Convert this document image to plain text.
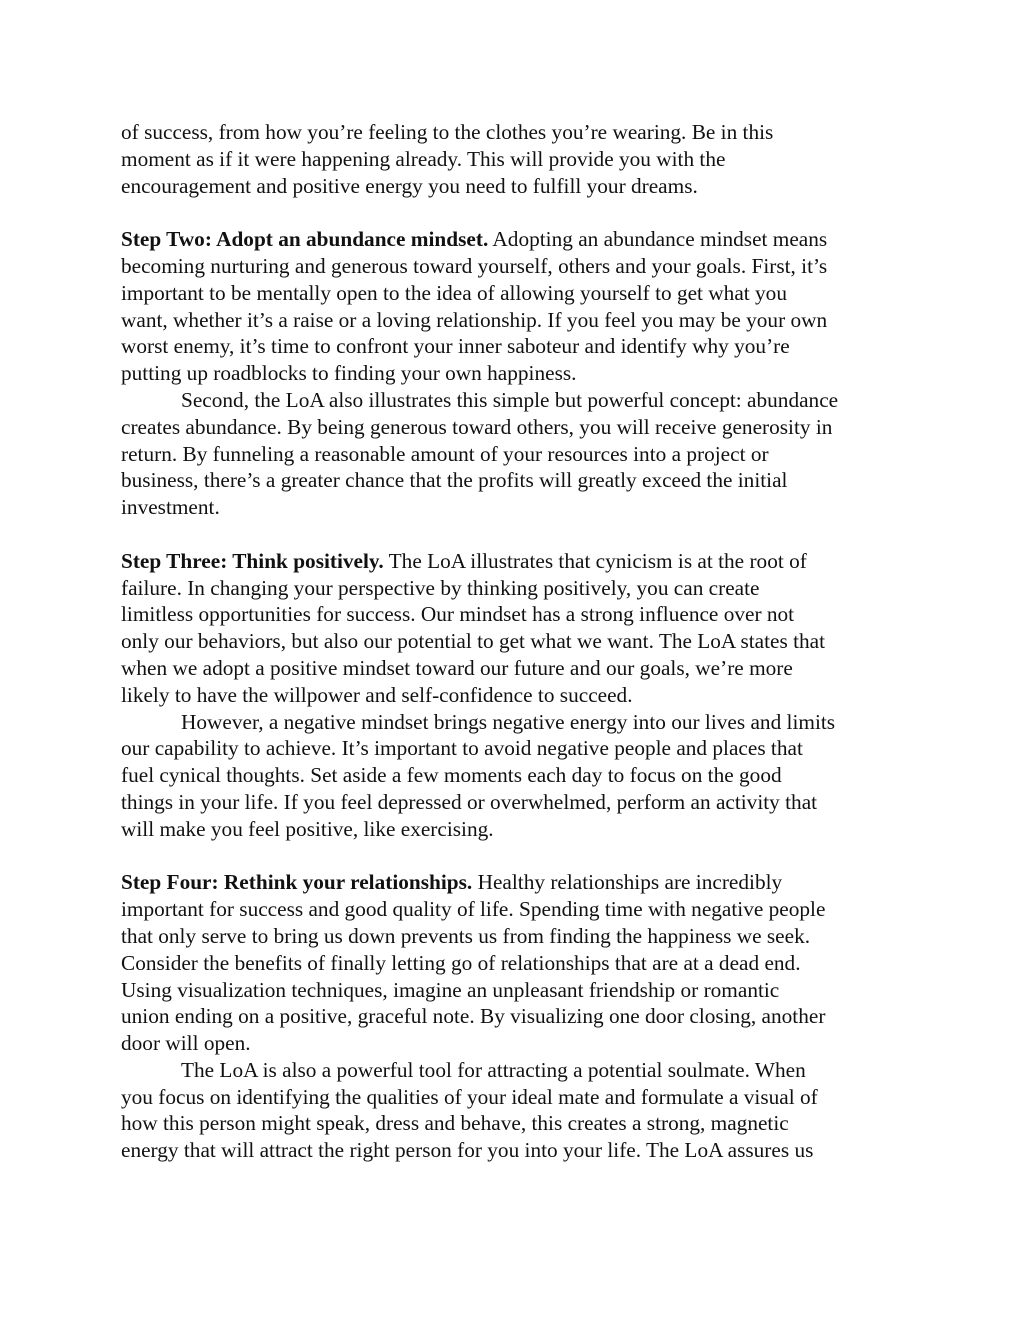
of success, from how you’re feeling to the clothes you’re wearing. Be in this
moment as if it were happening already. This will provide you with the
encouragement and positive energy you need to fulfill your dreams.
Step Two: Adopt an abundance mindset. Adopting an abundance mindset means
becoming nurturing and generous toward yourself, others and your goals. First, it’s
important to be mentally open to the idea of allowing yourself to get what you
want, whether it’s a raise or a loving relationship. If you feel you may be your own
worst enemy, it’s time to confront your inner saboteur and identify why you’re
putting up roadblocks to finding your own happiness.
Second, the LoA also illustrates this simple but powerful concept: abundance
creates abundance. By being generous toward others, you will receive generosity in
return. By funneling a reasonable amount of your resources into a project or
business, there’s a greater chance that the profits will greatly exceed the initial
investment.
Step Three: Think positively. The LoA illustrates that cynicism is at the root of
failure. In changing your perspective by thinking positively, you can create
limitless opportunities for success. Our mindset has a strong influence over not
only our behaviors, but also our potential to get what we want. The LoA states that
when we adopt a positive mindset toward our future and our goals, we’re more
likely to have the willpower and self-confidence to succeed.
However, a negative mindset brings negative energy into our lives and limits
our capability to achieve. It’s important to avoid negative people and places that
fuel cynical thoughts. Set aside a few moments each day to focus on the good
things in your life. If you feel depressed or overwhelmed, perform an activity that
will make you feel positive, like exercising.
Step Four: Rethink your relationships. Healthy relationships are incredibly
important for success and good quality of life. Spending time with negative people
that only serve to bring us down prevents us from finding the happiness we seek.
Consider the benefits of finally letting go of relationships that are at a dead end.
Using visualization techniques, imagine an unpleasant friendship or romantic
union ending on a positive, graceful note. By visualizing one door closing, another
door will open.
The LoA is also a powerful tool for attracting a potential soulmate. When
you focus on identifying the qualities of your ideal mate and formulate a visual of
how this person might speak, dress and behave, this creates a strong, magnetic
energy that will attract the right person for you into your life. The LoA assures us
